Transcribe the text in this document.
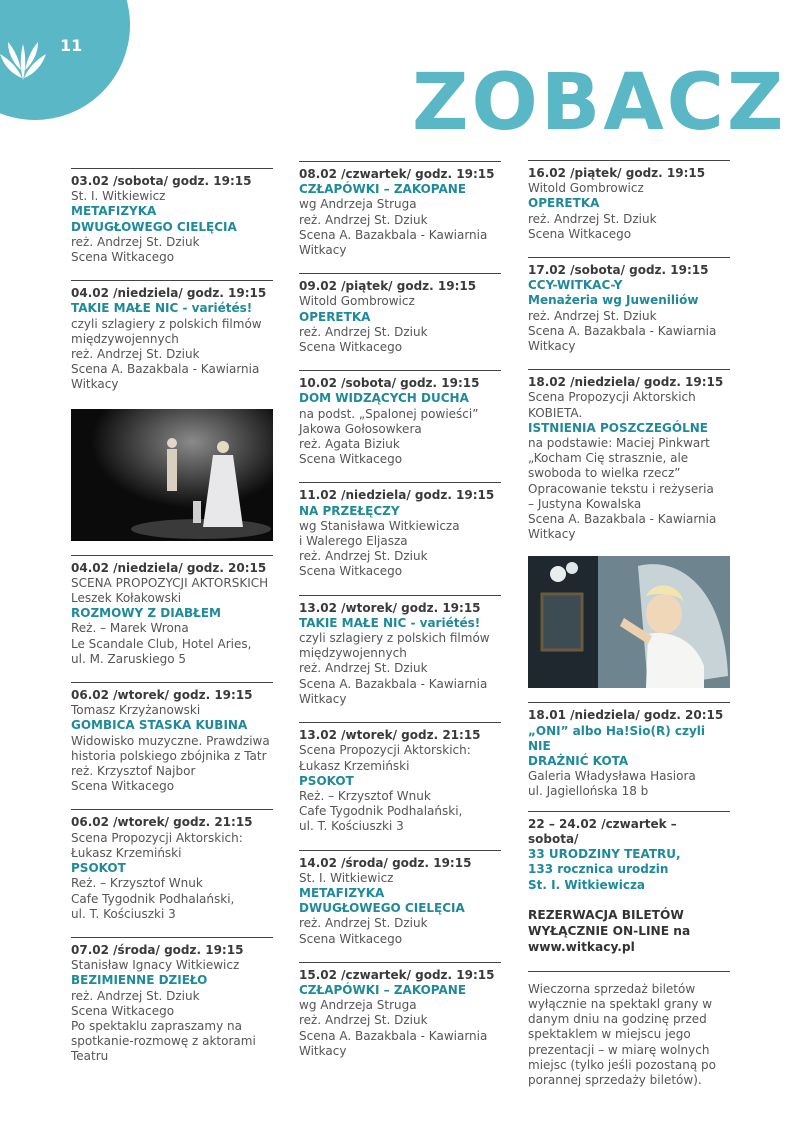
11
ZOBACZ
03.02 /sobota/ godz. 19:15
St. I. Witkiewicz
METAFIZYKA
DWUGŁOWEGO CIELĘCIA
reż. Andrzej St. Dziuk
Scena Witkacego
04.02 /niedziela/ godz. 19:15
TAKIE MAŁE NIC - variétés!
czyli szlagiery z polskich filmów
międzywojennych
reż. Andrzej St. Dziuk
Scena A. Bazakbala - Kawiarnia
Witkacy
04.02 /niedziela/ godz. 20:15
SCENA PROPOZYCJI AKTORSKICH
Leszek Kołakowski
ROZMOWY Z DIABŁEM
Reż. – Marek Wrona
Le Scandale Club, Hotel Aries,
ul. M. Zaruskiego 5
06.02 /wtorek/ godz. 19:15
Tomasz Krzyżanowski
GOMBICA STASKA KUBINA
Widowisko muzyczne. Prawdziwa
historia polskiego zbójnika z Tatr
reż. Krzysztof Najbor
Scena Witkacego
06.02 /wtorek/ godz. 21:15
Scena Propozycji Aktorskich:
Łukasz Krzemiński
PSOKOT
Reż. – Krzysztof Wnuk
Cafe Tygodnik Podhalański,
ul. T. Kościuszki 3
07.02 /środa/ godz. 19:15
Stanisław Ignacy Witkiewicz
BEZIMIENNE DZIEŁO
reż. Andrzej St. Dziuk
Scena Witkacego
Po spektaklu zapraszamy na
spotkanie-rozmowę z aktorami
Teatru
08.02 /czwartek/ godz. 19:15
CZŁAPÓWKI – ZAKOPANE
wg Andrzeja Struga
reż. Andrzej St. Dziuk
Scena A. Bazakbala - Kawiarnia
Witkacy
09.02 /piątek/ godz. 19:15
Witold Gombrowicz
OPERETKA
reż. Andrzej St. Dziuk
Scena Witkacego
10.02 /sobota/ godz. 19:15
DOM WIDZĄCYCH DUCHA
na podst. „Spalonej powieści”
Jakowa Gołosowkera
reż. Agata Biziuk
Scena Witkacego
11.02 /niedziela/ godz. 19:15
NA PRZEŁĘCZY
wg Stanisława Witkiewicza
i Walerego Eljasza
reż. Andrzej St. Dziuk
Scena Witkacego
13.02 /wtorek/ godz. 19:15
TAKIE MAŁE NIC - variétés!
czyli szlagiery z polskich filmów
międzywojennych
reż. Andrzej St. Dziuk
Scena A. Bazakbala - Kawiarnia
Witkacy
13.02 /wtorek/ godz. 21:15
Scena Propozycji Aktorskich:
Łukasz Krzemiński
PSOKOT
Reż. – Krzysztof Wnuk
Cafe Tygodnik Podhalański,
ul. T. Kościuszki 3
14.02 /środa/ godz. 19:15
St. I. Witkiewicz
METAFIZYKA
DWUGŁOWEGO CIELĘCIA
reż. Andrzej St. Dziuk
Scena Witkacego
15.02 /czwartek/ godz. 19:15
CZŁAPÓWKI – ZAKOPANE
wg Andrzeja Struga
reż. Andrzej St. Dziuk
Scena A. Bazakbala - Kawiarnia
Witkacy
16.02 /piątek/ godz. 19:15
Witold Gombrowicz
OPERETKA
reż. Andrzej St. Dziuk
Scena Witkacego
17.02 /sobota/ godz. 19:15
CCY-WITKAC-Y
Menażeria wg Juweniliów
reż. Andrzej St. Dziuk
Scena A. Bazakbala - Kawiarnia
Witkacy
18.02 /niedziela/ godz. 19:15
Scena Propozycji Aktorskich
KOBIETA.
ISTNIENIA POSZCZEGÓLNE
na podstawie: Maciej Pinkwart
„Kocham Cię strasznie, ale
swoboda to wielka rzecz”
Opracowanie tekstu i reżyseria
– Justyna Kowalska
Scena A. Bazakbala - Kawiarnia
Witkacy
18.01 /niedziela/ godz. 20:15
„ONI” albo Ha!Sio(R) czyli NIE
DRAŻNIĆ KOTA
Galeria Władysława Hasiora
ul. Jagiellońska 18 b
22 – 24.02 /czwartek – sobota/
33 URODZINY TEATRU,
133 rocznica urodzin
St. I. Witkiewicza
REZERWACJA BILETÓW
WYŁĄCZNIE ON-LINE na
www.witkacy.pl
Wieczorna sprzedaż biletów
wyłącznie na spektakl grany w
danym dniu na godzinę przed
spektaklem w miejscu jego
prezentacji – w miarę wolnych
miejsc (tylko jeśli pozostaną po
porannej sprzedaży biletów).
